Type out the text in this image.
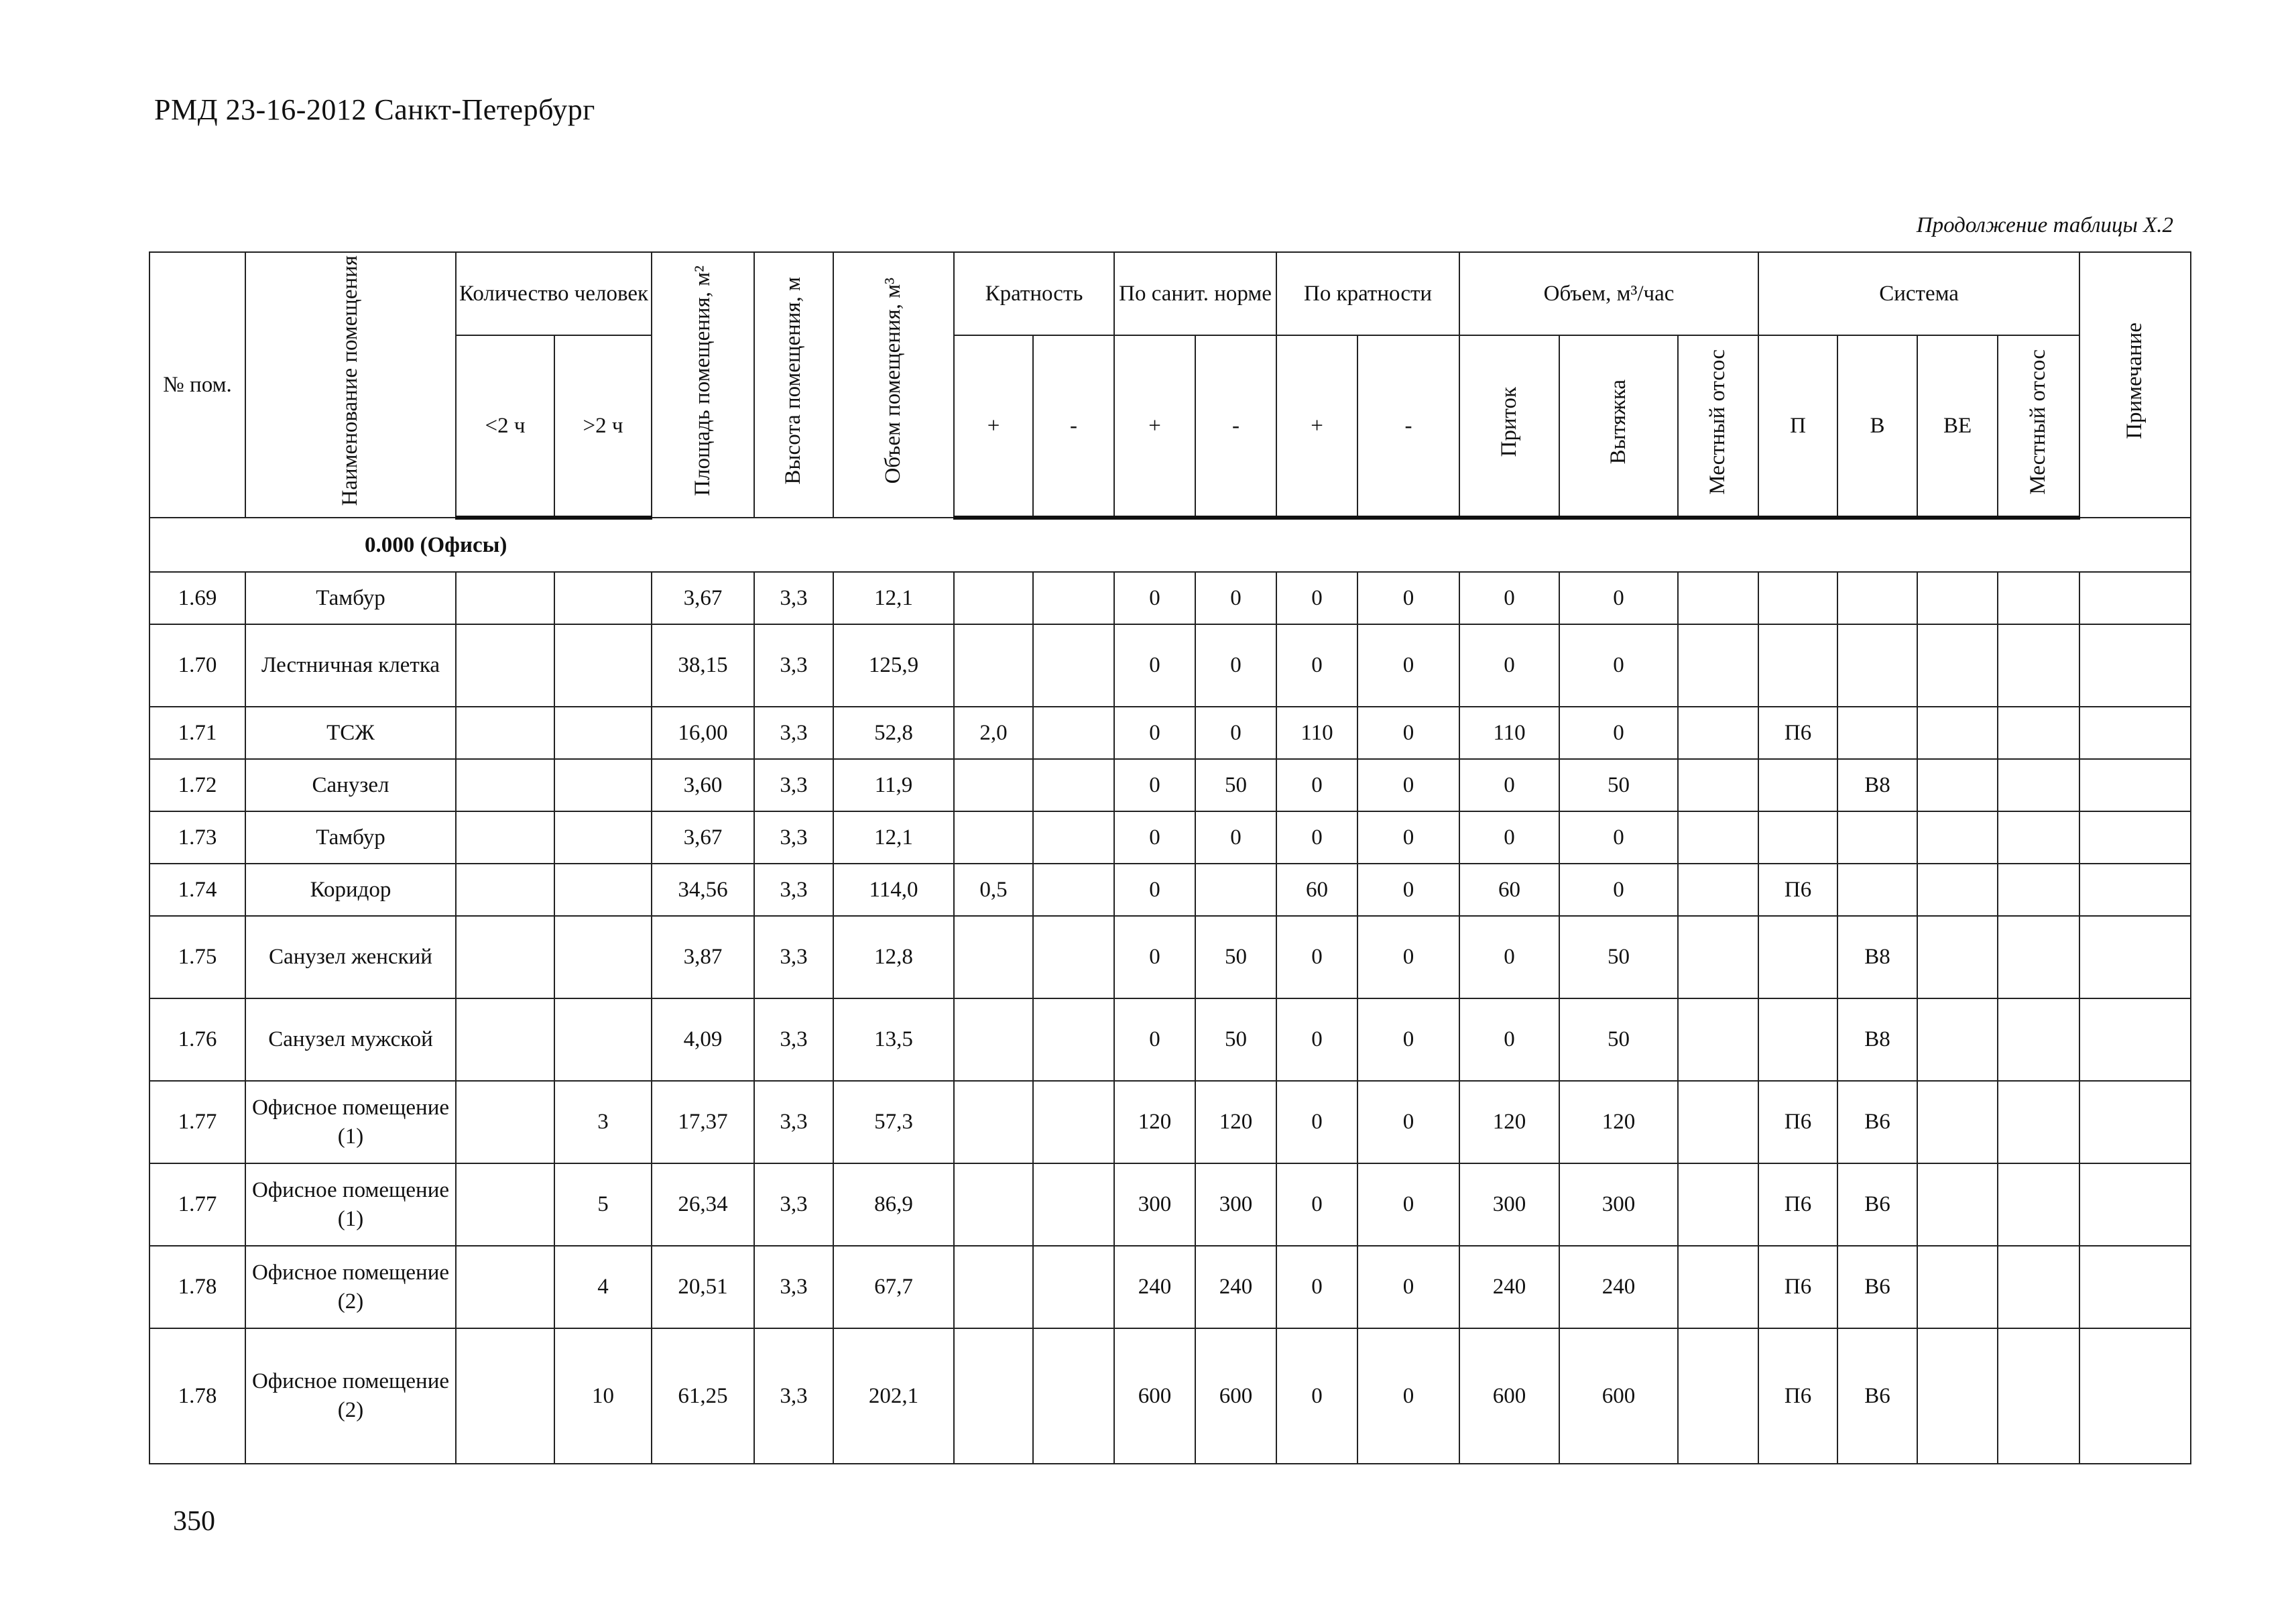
РМД 23-16-2012 Санкт-Петербург
Продолжение таблицы Х.2
№ пом.	Наименование помещения	Количество человек		Площадь помещения, м²	Высота помещения, м	Объем помещения, м³	Кратность		По санит. норме		По кратности		Объем, м³/час			Система				Примечание
		<2 ч	>2 ч				+	-	+	-	+	-	Приток	Вытяжка	Местный отсос	П	В	ВЕ	Местный отсос	
0.000 (Офисы)																				
1.69	Тамбур			3,67	3,3	12,1			0	0	0	0	0	0						
1.70	Лестничная клетка			38,15	3,3	125,9			0	0	0	0	0	0						
1.71	ТСЖ			16,00	3,3	52,8	2,0		0	0	110	0	110	0		П6				
1.72	Санузел			3,60	3,3	11,9			0	50	0	0	0	50			В8			
1.73	Тамбур			3,67	3,3	12,1			0	0	0	0	0	0						
1.74	Коридор			34,56	3,3	114,0	0,5		0		60	0	60	0		П6				
1.75	Санузел женский			3,87	3,3	12,8			0	50	0	0	0	50			В8			
1.76	Санузел мужской			4,09	3,3	13,5			0	50	0	0	0	50			В8			
1.77	Офисное помещение (1)		3	17,37	3,3	57,3			120	120	0	0	120	120		П6	В6			
1.77	Офисное помещение (1)		5	26,34	3,3	86,9			300	300	0	0	300	300		П6	В6			
1.78	Офисное помещение (2)		4	20,51	3,3	67,7			240	240	0	0	240	240		П6	В6			
1.78	Офисное помещение (2)		10	61,25	3,3	202,1			600	600	0	0	600	600		П6	В6			
350
